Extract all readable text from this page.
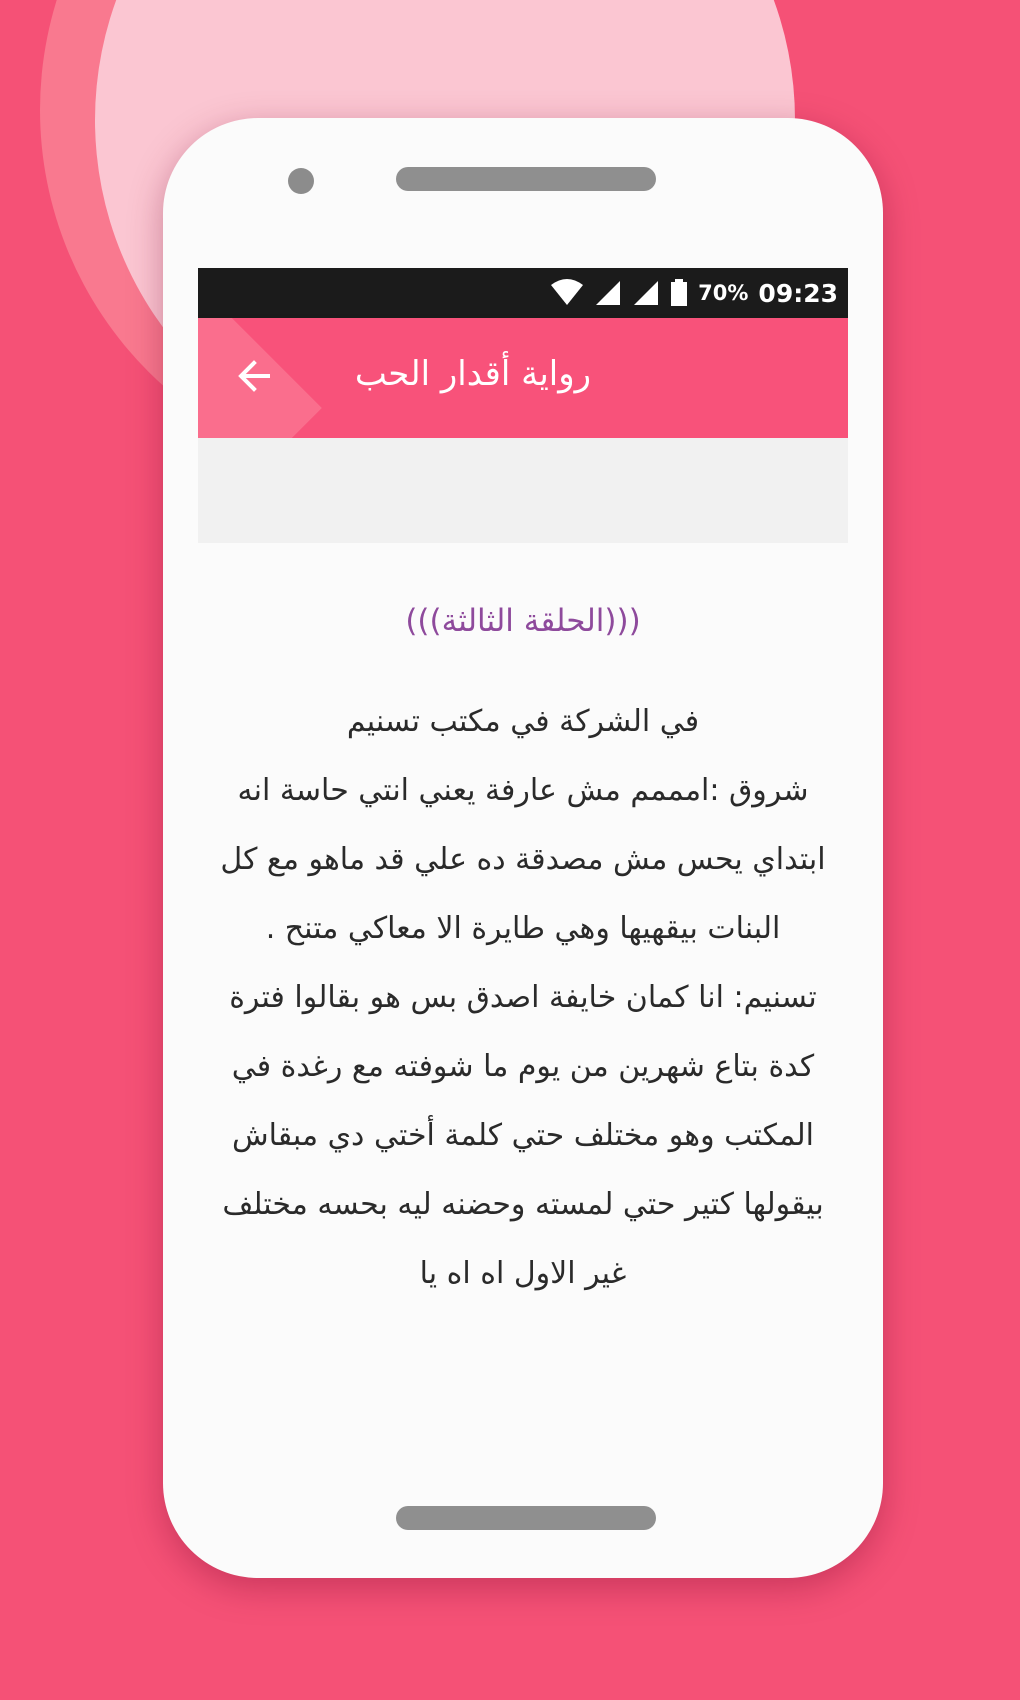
70% 09:23
رواية أقدار الحب
(((الحلقة الثالثة)))
في الشركة في مكتب تسنيم
شروق :امممم مش عارفة يعني انتي حاسة انه ابتداي يحس مش مصدقة ده علي قد ماهو مع كل البنات بيقهيها وهي طايرة الا معاكي متنح .
تسنيم: انا كمان خايفة اصدق بس هو بقالوا فترة كدة بتاع شهرين من يوم ما شوفته مع رغدة في المكتب وهو مختلف حتي كلمة أختي دي مبقاش بيقولها كتير حتي لمسته وحضنه ليه بحسه مختلف غير الاول اه اه يا
